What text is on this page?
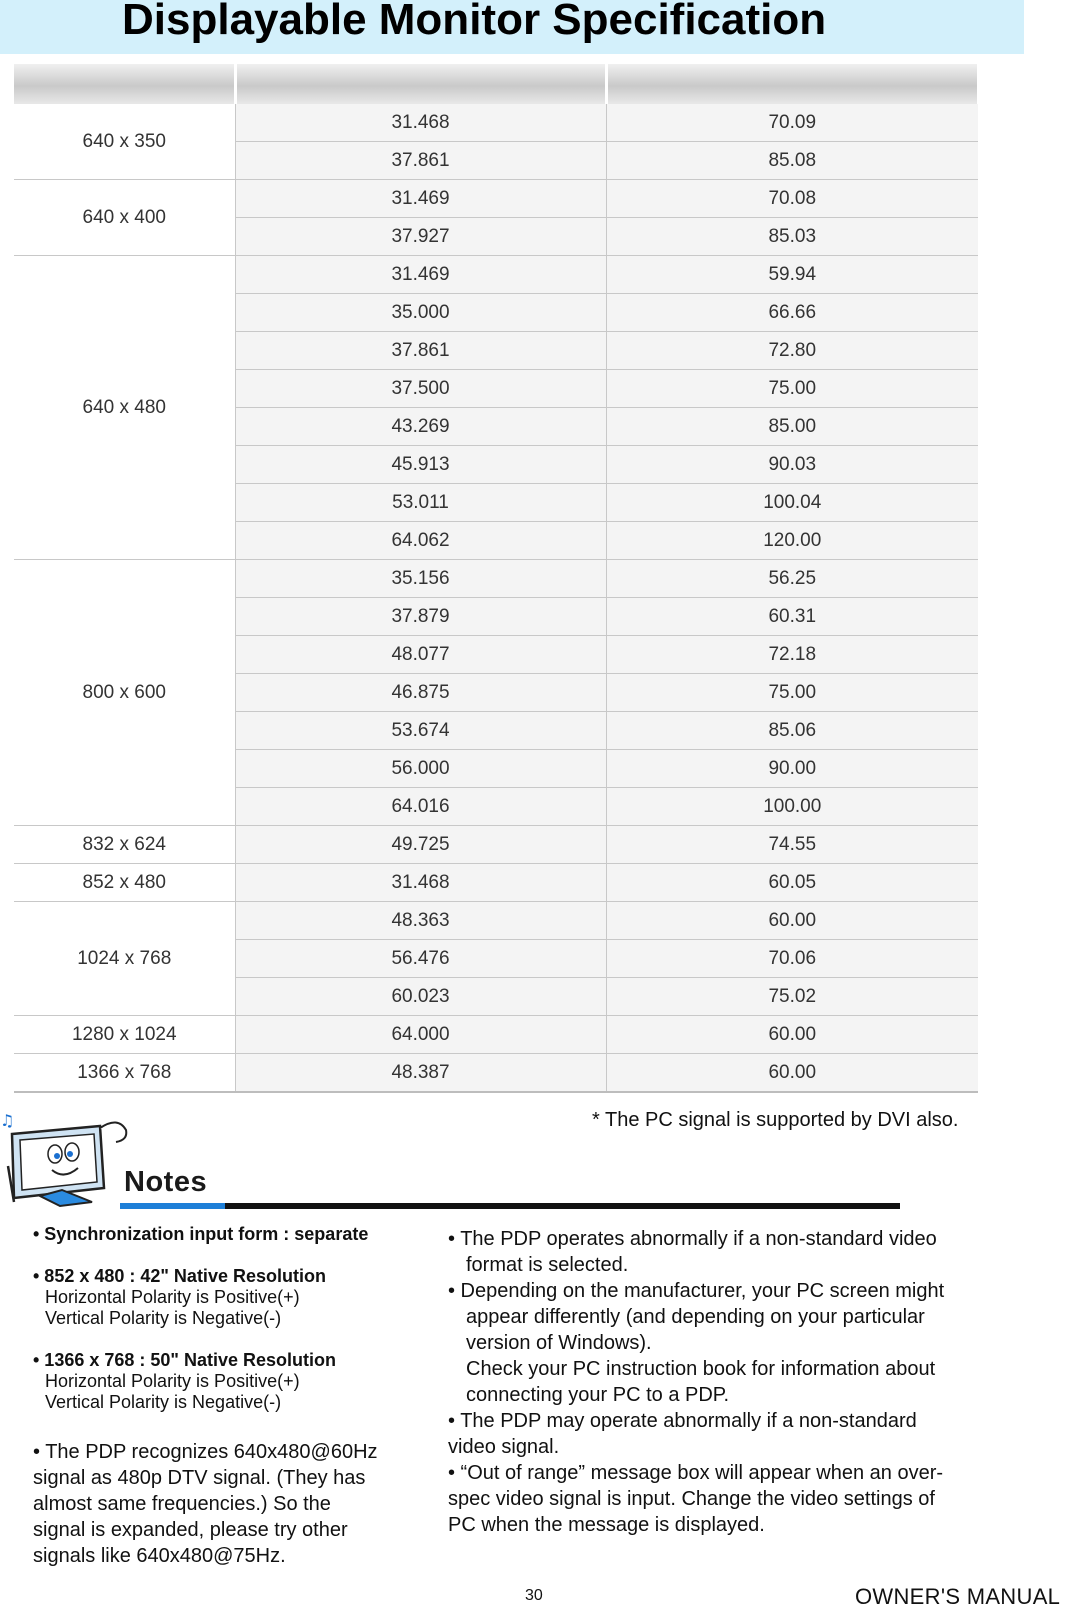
Displayable Monitor Specification

640 x 350	31.468	70.09
	37.861	85.08
640 x 400	31.469	70.08
	37.927	85.03
640 x 480	31.469	59.94
	35.000	66.66
	37.861	72.80
	37.500	75.00
	43.269	85.00
	45.913	90.03
	53.011	100.04
	64.062	120.00
800 x 600	35.156	56.25
	37.879	60.31
	48.077	72.18
	46.875	75.00
	53.674	85.06
	56.000	90.00
	64.016	100.00
832 x 624	49.725	74.55
852 x 480	31.468	60.05
1024 x 768	48.363	60.00
	56.476	70.06
	60.023	75.02
1280 x 1024	64.000	60.00
1366 x 768	48.387	60.00
* The PC signal is supported by DVI also.
♫
Notes

• Synchronization input form : separate

• 852 x 480 : 42" Native Resolution

Horizontal Polarity is Positive(+)

Vertical Polarity is Negative(-)

• 1366 x 768 : 50" Native Resolution

Horizontal Polarity is Positive(+)

Vertical Polarity is Negative(-)

• The PDP recognizes 640x480@60Hz

signal as 480p DTV signal. (They has

almost same frequencies.) So the

signal is expanded, please try other

signals like 640x480@75Hz.

• The PDP operates abnormally if a non-standard video

format is selected.

• Depending on the manufacturer, your PC screen might

appear differently (and depending on your particular

version of Windows).

Check your PC instruction book for information about

connecting your PC to a PDP.

• The PDP may operate abnormally if a non-standard

video signal.

• “Out of range” message box will appear when an over-

spec video signal is input. Change the video settings of

PC when the message is displayed.

30	OWNER'S MANUAL
